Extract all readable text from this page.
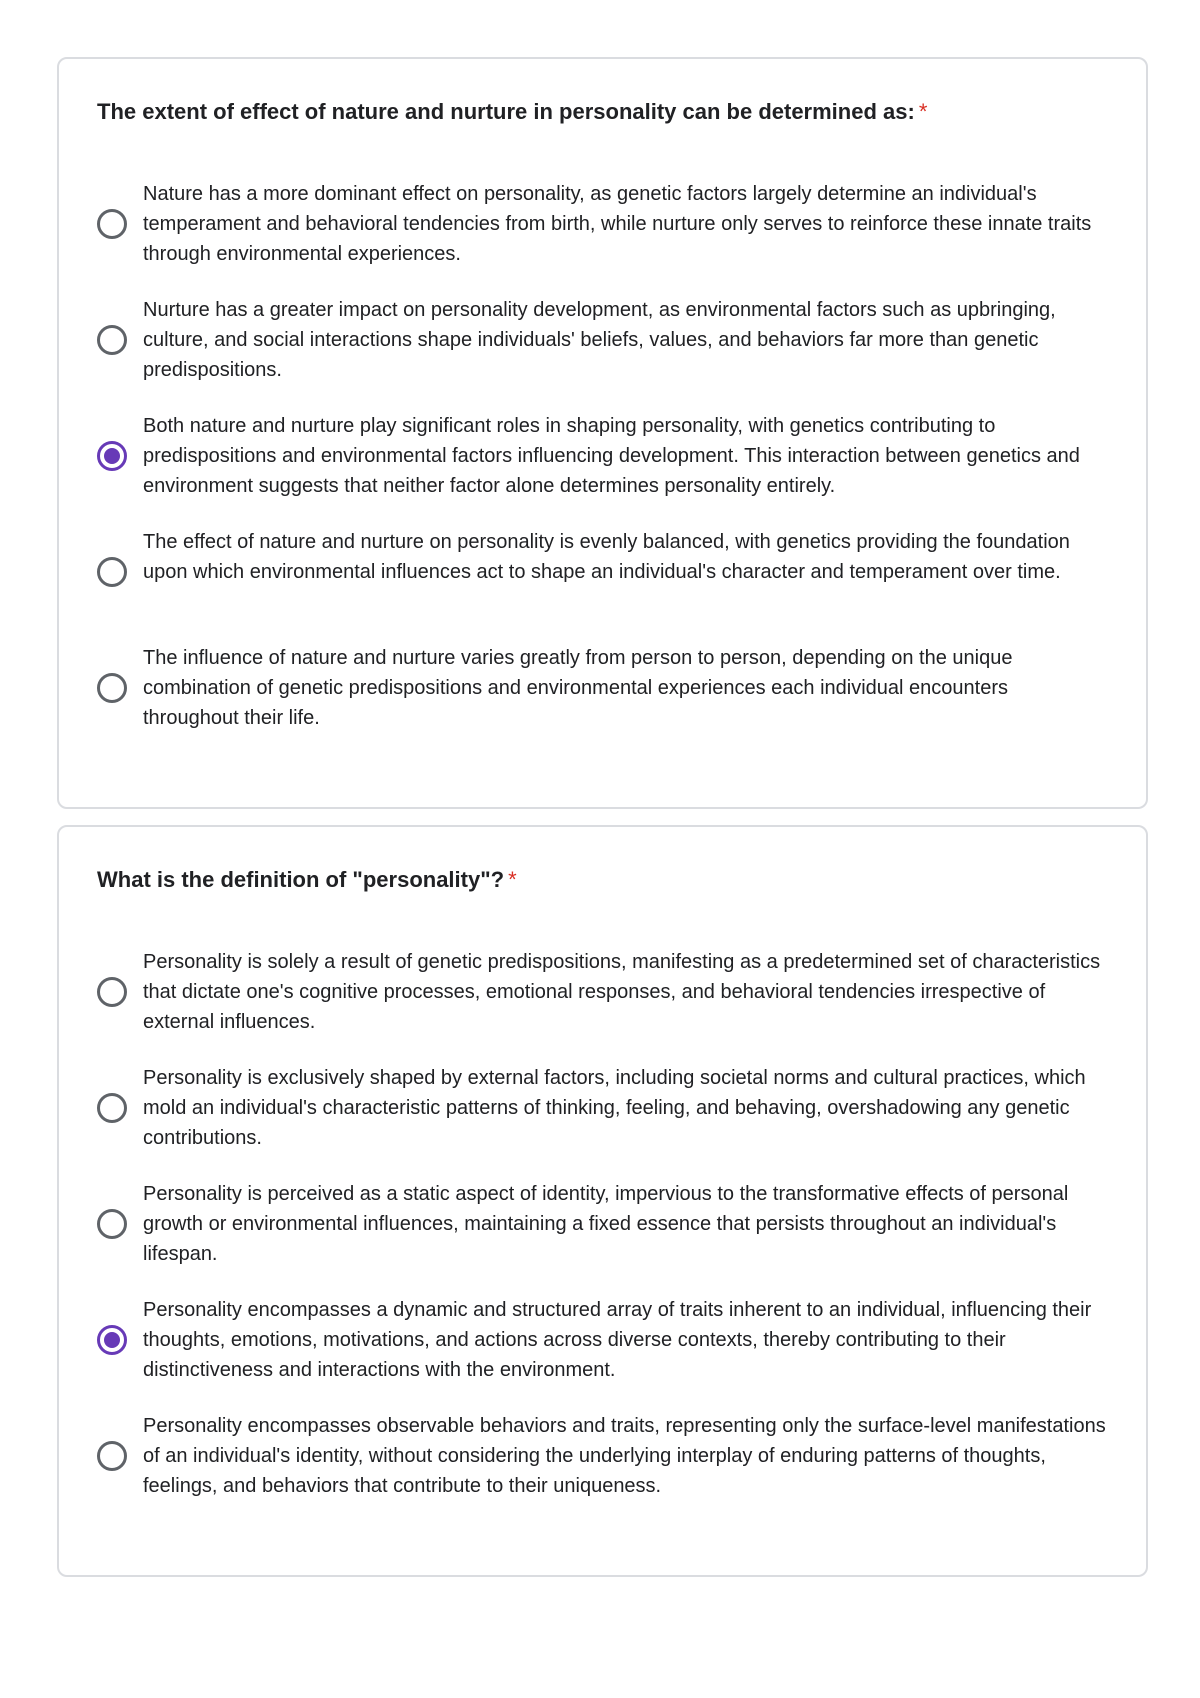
The extent of effect of nature and nurture in personality can be determined as: *
Nature has a more dominant effect on personality, as genetic factors largely determine an individual's temperament and behavioral tendencies from birth, while nurture only serves to reinforce these innate traits through environmental experiences.
Nurture has a greater impact on personality development, as environmental factors such as upbringing, culture, and social interactions shape individuals' beliefs, values, and behaviors far more than genetic predispositions.
Both nature and nurture play significant roles in shaping personality, with genetics contributing to predispositions and environmental factors influencing development. This interaction between genetics and environment suggests that neither factor alone determines personality entirely.
The effect of nature and nurture on personality is evenly balanced, with genetics providing the foundation upon which environmental influences act to shape an individual's character and temperament over time.
The influence of nature and nurture varies greatly from person to person, depending on the unique combination of genetic predispositions and environmental experiences each individual encounters throughout their life.
What is the definition of "personality"? *
Personality is solely a result of genetic predispositions, manifesting as a predetermined set of characteristics that dictate one's cognitive processes, emotional responses, and behavioral tendencies irrespective of external influences.
Personality is exclusively shaped by external factors, including societal norms and cultural practices, which mold an individual's characteristic patterns of thinking, feeling, and behaving, overshadowing any genetic contributions.
Personality is perceived as a static aspect of identity, impervious to the transformative effects of personal growth or environmental influences, maintaining a fixed essence that persists throughout an individual's lifespan.
Personality encompasses a dynamic and structured array of traits inherent to an individual, influencing their thoughts, emotions, motivations, and actions across diverse contexts, thereby contributing to their distinctiveness and interactions with the environment.
Personality encompasses observable behaviors and traits, representing only the surface-level manifestations of an individual's identity, without considering the underlying interplay of enduring patterns of thoughts, feelings, and behaviors that contribute to their uniqueness.
